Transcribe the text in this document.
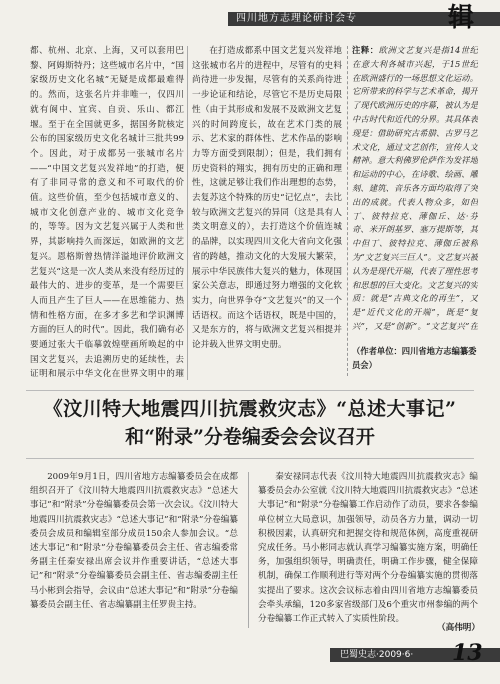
四川地方志理论研讨会专	辑

都、杭州、北京、上海，又可以套用巴黎、阿姆斯特丹；这些城市名片中，“国家级历史文化名城”无疑是成都最难得的。然而，这张名片并非唯一，仅四川就有阆中、宜宾、自贡、乐山、都江堰。至于在全国就更多，据国务院核定公布的国家级历史文化名城计三批共99个。因此，对于成都另一张城市名片——“中国文艺复兴发祥地”的打造，便有了非同寻常的意义和不可取代的价值。这些价值，至少包括城市意义的、城市文化创意产业的、城市文化竞争的，等等。因为文艺复兴属于人类和世界，其影响持久而深远，如欧洲的文艺复兴。恩格斯曾热情洋溢地评价欧洲文艺复兴“这是一次人类从来没有经历过的最伟大的、进步的变革，是一个需要巨人而且产生了巨人——在思维能力、热情和性格方面，在多才多艺和学识渊博方面的巨人的时代”。因此，我们确有必要通过张大千临摹敦煌壁画所唤起的中国文艺复兴，去追溯历史的延续性，去证明和展示中华文化在世界文明中的璀

在打造成都系中国文艺复兴发祥地这张城市名片的进程中，尽管有的史料尚待进一步发掘，尽管有的关系尚待进一步论证和结论，尽管它不是历史局限性（由于其形成和发展不及欧洲文艺复兴的时间跨度长，故在艺术门类的展示、艺术家的群体性、艺术作品的影响力等方面受到限制）；但是，我们拥有历史资料的翔实，拥有历史的正确和理性，这就足够让我们作出理想的态势，去复苏这个特殊的历史“记忆点”，去比较与欧洲文艺复兴的异同（这是具有人类文明意义的），去打造这个价值连城的品牌，以实现四川文化大省向文化强省的跨越，推动文化的大发展大繁荣，展示中华民族伟大复兴的魅力，体现国家公关意志，即通过努力增强的文化软实力，向世界争夺“文艺复兴”的又一个话语权。而这个话语权，既是中国的，又是东方的，将与欧洲文艺复兴相提并论并载入世界文明史册。

注释：欧洲文艺复兴是指14世纪在意大利各城市兴起，于15世纪在欧洲盛行的一场思想文化运动。它所带来的科学与艺术革命，揭开了现代欧洲历史的序幕，被认为是中古时代和近代的分界。其具体表现是：借助研究古希腊、古罗马艺术文化，通过文艺创作，宣传人文精神。意大利佛罗伦萨作为发祥地和运动的中心，在诗歌、绘画、雕刻、建筑、音乐各方面均取得了突出的成就。代表人物众多，如但丁、彼特拉克、薄伽丘、达·芬奇、米开朗基罗、塞万提斯等，其中但丁、彼特拉克、薄伽丘被称为“文艺复兴三巨人”。文艺复兴被认为是现代开端，代表了理性思考和思想的巨大变化。文艺复兴的实质：就是“古典文化的再生”，又是“近代文化的开端”，既是“复兴”，又是“创新”。“文艺复兴”在

（作者单位：四川省地方志编纂委员会）
《汶川特大地震四川抗震救灾志》“总述大事记”
和“附录”分卷编委会会议召开

2009年9月1日，四川省地方志编纂委员会在成都组织召开了《汶川特大地震四川抗震救灾志》“总述大事记”和“附录”分卷编纂委员会第一次会议。《汶川特大地震四川抗震救灾志》“总述大事记”和“附录”分卷编纂委员会成员和编辑室部分成员150余人参加会议。“总述大事记”和“附录”分卷编纂委员会主任、省志编委常务副主任秦安禄出席会议并作重要讲话，“总述大事记”和“附录”分卷编纂委员会副主任、省志编委副主任马小彬到会指导，会议由“总述大事记”和“附录”分卷编纂委员会副主任、省志编纂副主任罗贵主持。

秦安禄同志代表《汶川特大地震四川抗震救灾志》编纂委员会办公室就《汶川特大地震四川抗震救灾志》“总述大事记”和“附录”分卷编纂工作启动作了动员，要求各参编单位树立大局意识，加强领导，动员各方力量，调动一切积极因素，认真研究和把握交待和规范体例，高度重视研究成任务。马小彬同志就认真学习编纂实施方案，明确任务，加强组织领导，明确责任，明确工作步骤，健全保障机制，确保工作顺利进行等对两个分卷编纂实施的贯彻落实提出了要求。这次会议标志着由四川省地方志编纂委员会牵头承编，120多家省级部门及6个重灾市州参编的两个分卷编纂工作正式转入了实质性阶段。

（高伟明）
巴蜀史志·2009·6·	13
